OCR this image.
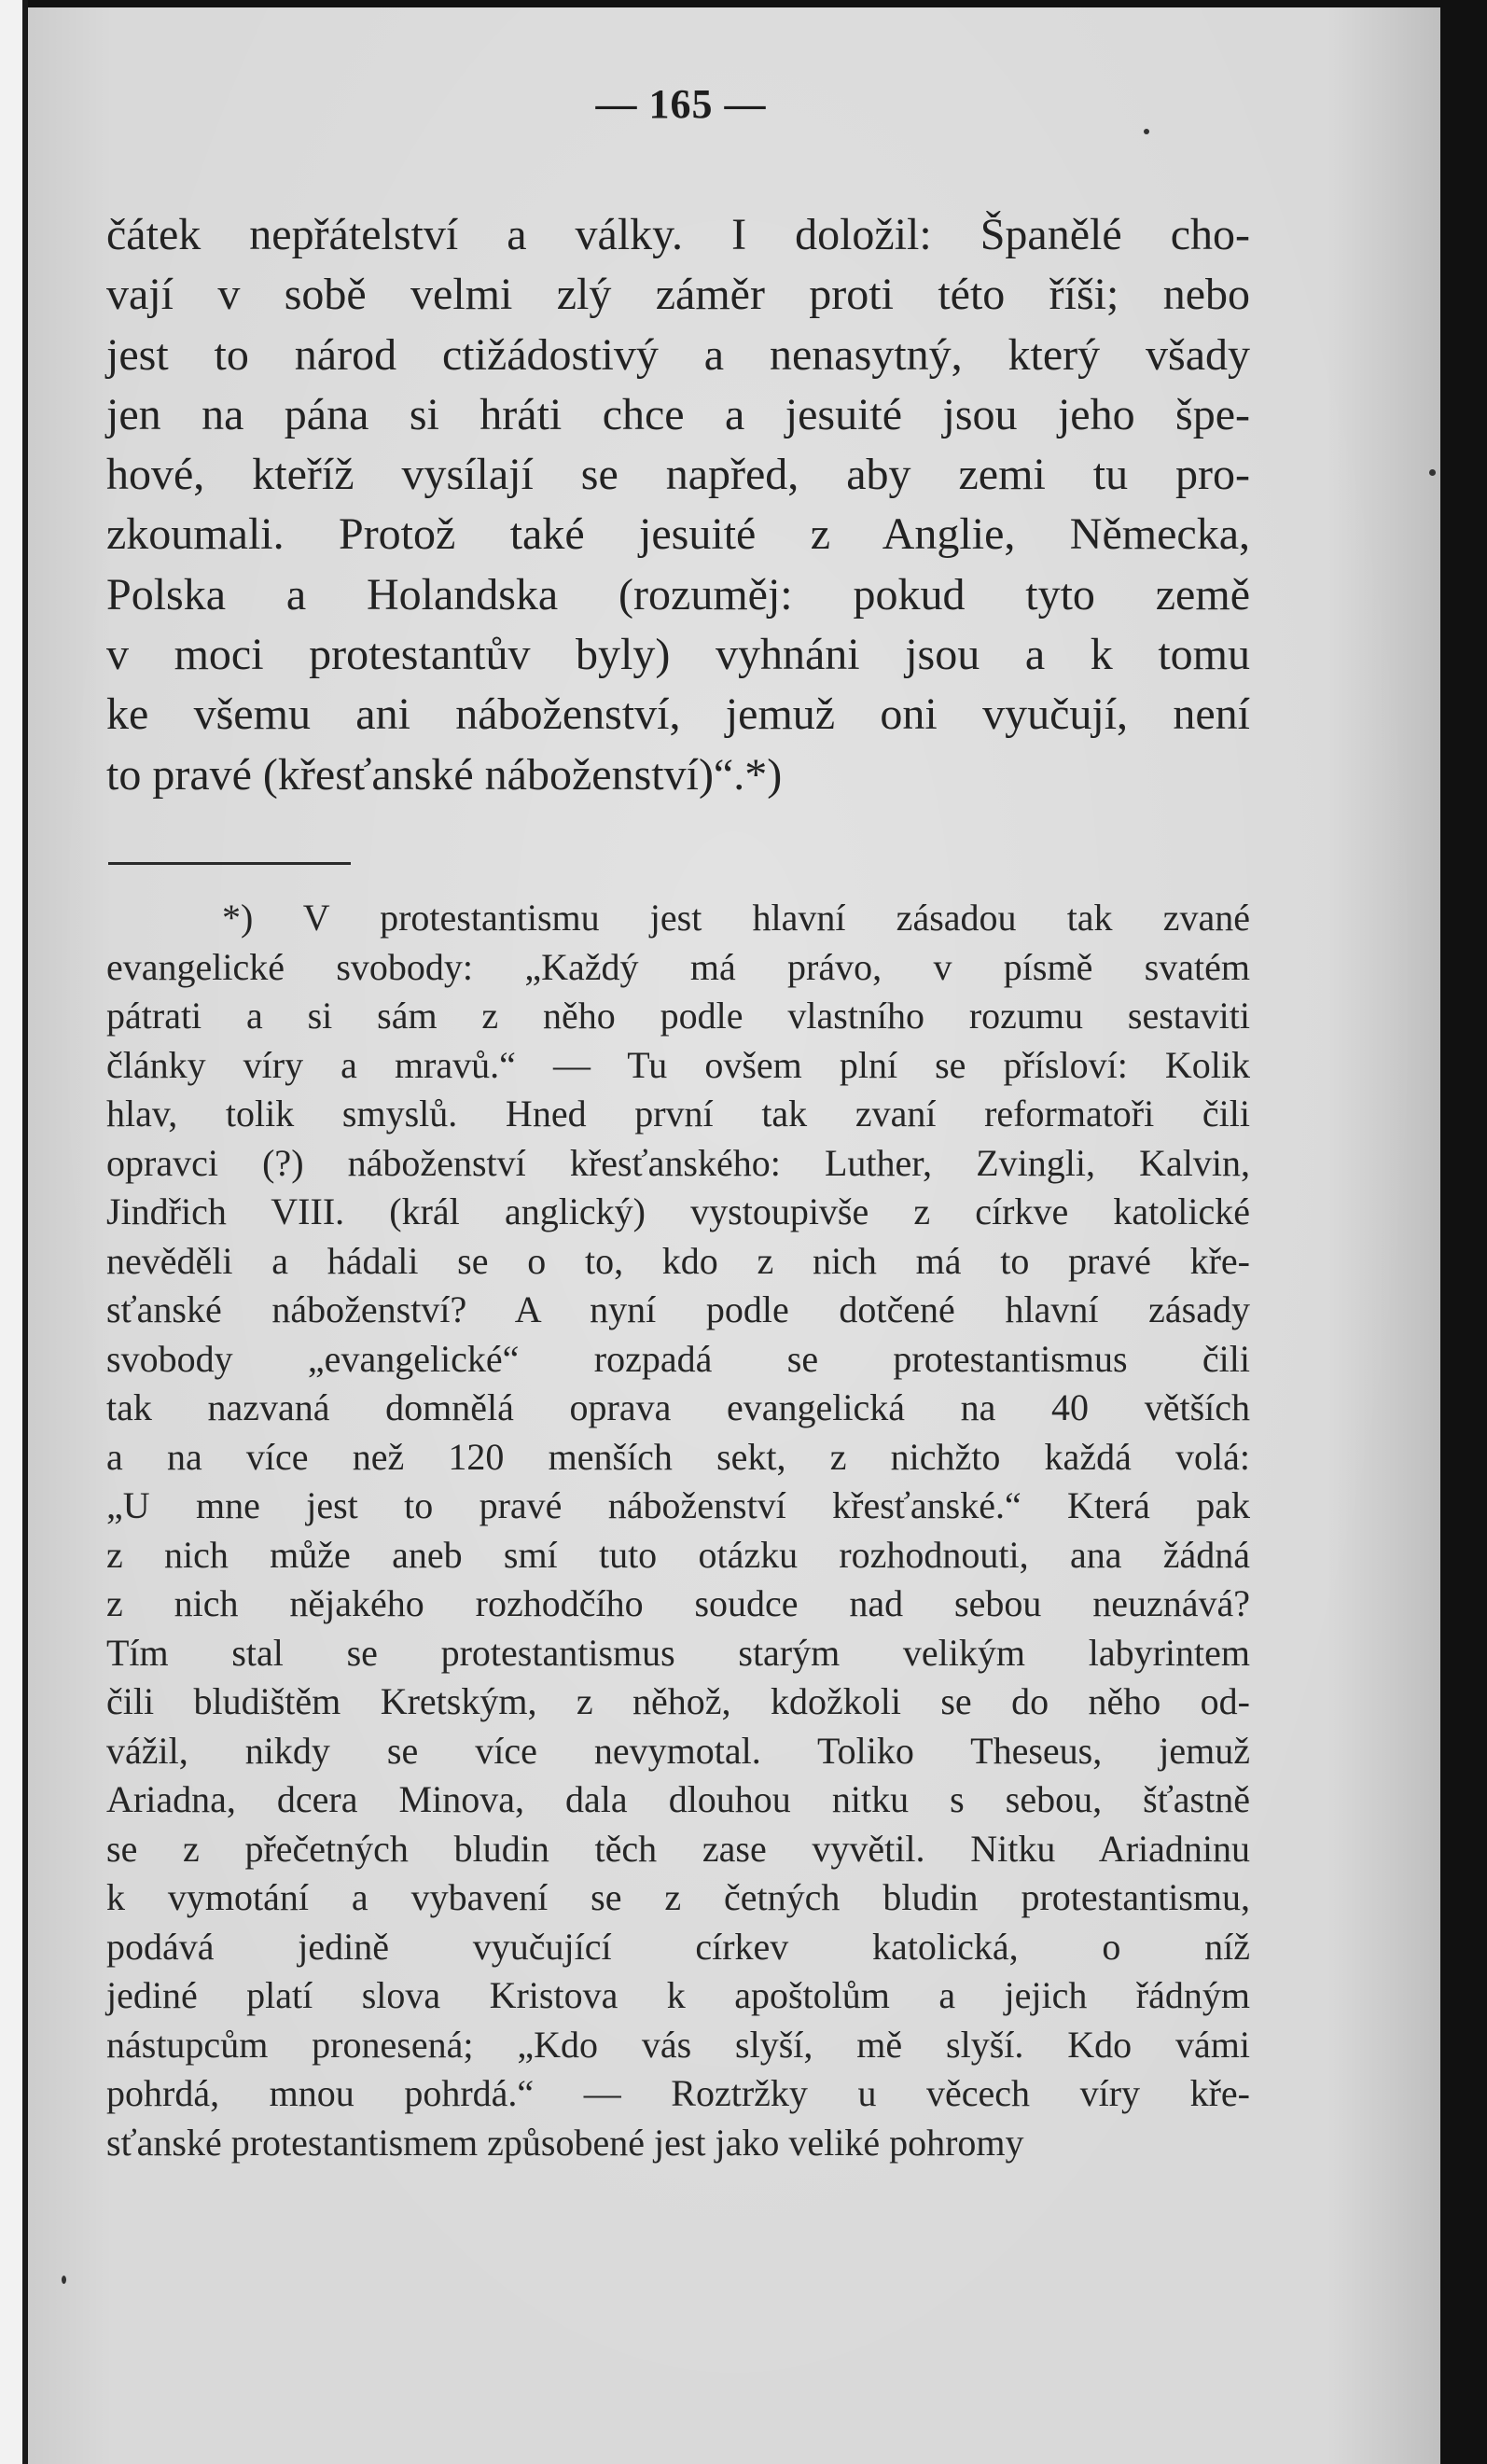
— 165 —
čátek nepřátelství a války. I doložil: Španělé cho-
vají v sobě velmi zlý záměr proti této říši; nebo
jest to národ ctižádostivý a nenasytný, který všady
jen na pána si hráti chce a jesuité jsou jeho špe-
hové, kteříž vysílají se napřed, aby zemi tu pro-
zkoumali. Protož také jesuité z Anglie, Německa,
Polska a Holandska (rozuměj: pokud tyto země
v moci protestantův byly) vyhnáni jsou a k tomu
ke všemu ani náboženství, jemuž oni vyučují, není
to pravé (křesťanské náboženství)“.*)
*) V protestantismu jest hlavní zásadou tak zvané
evangelické svobody: „Každý má právo, v písmě svatém
pátrati a si sám z něho podle vlastního rozumu sestaviti
články víry a mravů.“ — Tu ovšem plní se přísloví: Kolik
hlav, tolik smyslů. Hned první tak zvaní reformatoři čili
opravci (?) náboženství křesťanského: Luther, Zvingli, Kalvin,
Jindřich VIII. (král anglický) vystoupivše z církve katolické
nevěděli a hádali se o to, kdo z nich má to pravé kře-
sťanské náboženství? A nyní podle dotčené hlavní zásady
svobody „evangelické“ rozpadá se protestantismus čili
tak nazvaná domnělá oprava evangelická na 40 větších
a na více než 120 menších sekt, z nichžto každá volá:
„U mne jest to pravé náboženství křesťanské.“ Která pak
z nich může aneb smí tuto otázku rozhodnouti, ana žádná
z nich nějakého rozhodčího soudce nad sebou neuznává?
Tím stal se protestantismus starým velikým labyrintem
čili bludištěm Kretským, z něhož, kdožkoli se do něho od-
vážil, nikdy se více nevymotal. Toliko Theseus, jemuž
Ariadna, dcera Minova, dala dlouhou nitku s sebou, šťastně
se z přečetných bludin těch zase vyvětil. Nitku Ariadninu
k vymotání a vybavení se z četných bludin protestantismu,
podává jedině vyučující církev katolická, o níž
jediné platí slova Kristova k apoštolům a jejich řádným
nástupcům pronesená; „Kdo vás slyší, mě slyší. Kdo vámi
pohrdá, mnou pohrdá.“ — Roztržky u věcech víry kře-
sťanské protestantismem způsobené jest jako veliké pohromy
